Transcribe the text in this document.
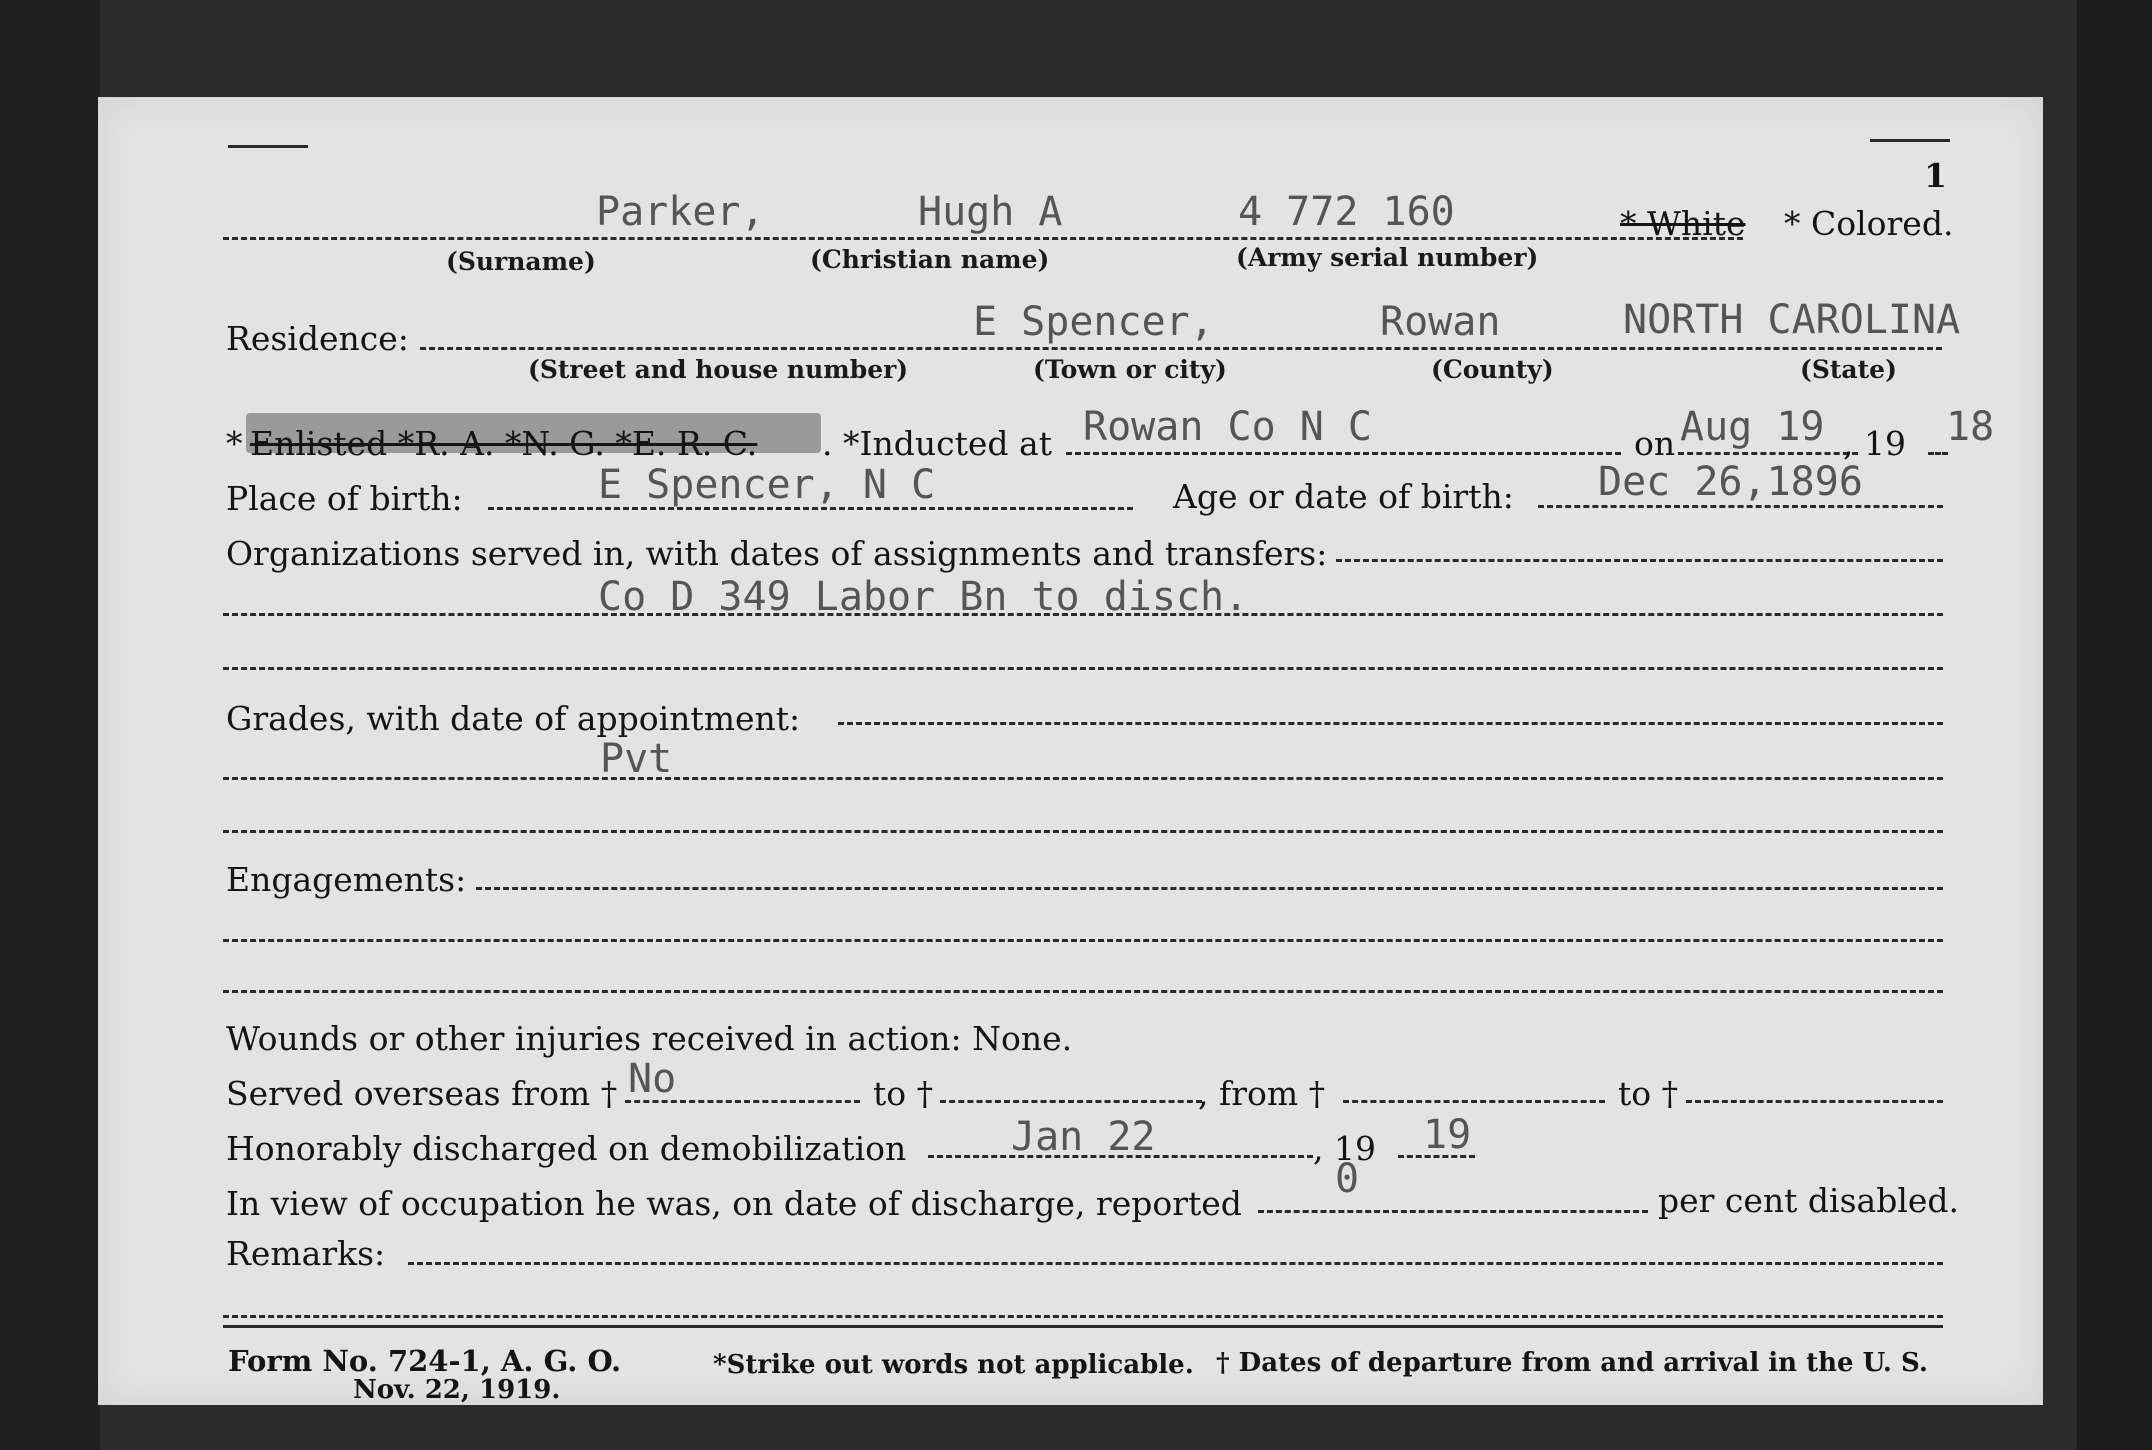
1
Parker,	Hugh A	4 772 160	* White * Colored.
(Surname)	(Christian name)	(Army serial number)
Residence:	E Spencer,	Rowan	NORTH CAROLINA
(Street and house number)	(Town or city)	(County)	(State)
* Enlisted *R. A. *N. G. *E. R. C. . *Inducted at Rowan Co N C	on Aug 19 , 19 18
Place of birth:	E Spencer, N C	Age or date of birth: Dec 26,1896
Organizations served in, with dates of assignments and transfers:
Co D 349 Labor Bn to disch.
Grades, with date of appointment:
Pvt
Engagements:
Wounds or other injuries received in action: None.
Served overseas from † No	to †	, from †	to †
Honorably discharged on demobilization	Jan 22	, 19 19
In view of occupation he was, on date of discharge, reported
0	per cent disabled.
Remarks:
Form No. 724-1, A. G. O.
Nov. 22, 1919.
*Strike out words not applicable. † Dates of departure from and arrival in the U. S.
